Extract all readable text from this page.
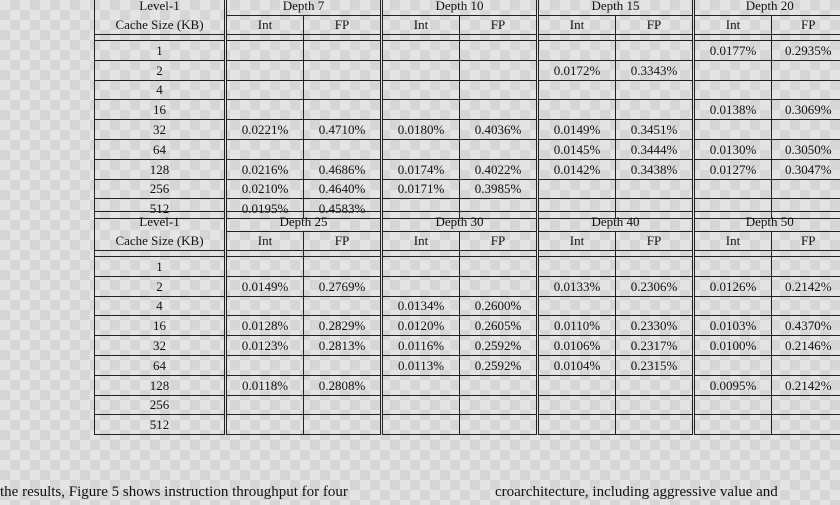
Level-1	Depth 7		Depth 10		Depth 15		Depth 20	
Cache Size (KB)	Int	FP	Int	FP	Int	FP	Int	FP

1							0.0177%	0.2935%
2					0.0172%	0.3343%		
4								
16							0.0138%	0.3069%
32	0.0221%	0.4710%	0.0180%	0.4036%	0.0149%	0.3451%		
64					0.0145%	0.3444%	0.0130%	0.3050%
128	0.0216%	0.4686%	0.0174%	0.4022%	0.0142%	0.3438%	0.0127%	0.3047%
256	0.0210%	0.4640%	0.0171%	0.3985%				
512	0.0195%	0.4583%						
Level-1	Depth 25		Depth 30		Depth 40		Depth 50	
Cache Size (KB)	Int	FP	Int	FP	Int	FP	Int	FP

1								
2	0.0149%	0.2769%			0.0133%	0.2306%	0.0126%	0.2142%
4			0.0134%	0.2600%				
16	0.0128%	0.2829%	0.0120%	0.2605%	0.0110%	0.2330%	0.0103%	0.4370%
32	0.0123%	0.2813%	0.0116%	0.2592%	0.0106%	0.2317%	0.0100%	0.2146%
64			0.0113%	0.2592%	0.0104%	0.2315%		
128	0.0118%	0.2808%					0.0095%	0.2142%
256								
512								
the results, Figure 5 shows instruction throughput for four	croarchitecture, including aggressive value and
